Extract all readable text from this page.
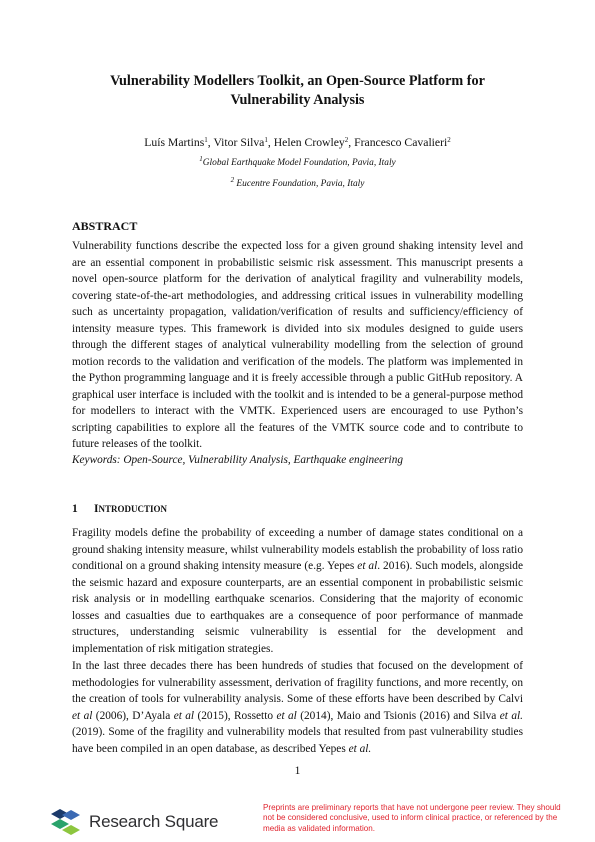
Vulnerability Modellers Toolkit, an Open-Source Platform for
Vulnerability Analysis
Luís Martins$^1$, Vitor Silva$^1$, Helen Crowley$^2$, Francesco Cavalieri$^2$
$^1$Global Earthquake Model Foundation, Pavia, Italy
$^2$ Eucentre Foundation, Pavia, Italy
ABSTRACT

Vulnerability functions describe the expected loss for a given ground shaking intensity level and are an essential component in probabilistic seismic risk assessment. This manuscript presents a novel open-source platform for the derivation of analytical fragility and vulnerability models, covering state-of-the-art methodologies, and addressing critical issues in vulnerability modelling such as uncertainty propagation, validation/verification of results and sufficiency/efficiency of intensity measure types. This framework is divided into six modules designed to guide users through the different stages of analytical vulnerability modelling from the selection of ground motion records to the validation and verification of the models. The platform was implemented in the Python programming language and it is freely accessible through a public GitHub repository. A graphical user interface is included with the toolkit and is intended to be a general-purpose method for modellers to interact with the VMTK. Experienced users are encouraged to use Python’s scripting capabilities to explore all the features of the VMTK source code and to contribute to future releases of the toolkit.

Keywords: Open-Source, Vulnerability Analysis, Earthquake engineering
1 INTRODUCTION

Fragility models define the probability of exceeding a number of damage states conditional on a ground shaking intensity measure, whilst vulnerability models establish the probability of loss ratio conditional on a ground shaking intensity measure (e.g. Yepes et al. 2016). Such models, alongside the seismic hazard and exposure counterparts, are an essential component in probabilistic seismic risk analysis or in modelling earthquake scenarios. Considering that the majority of economic losses and casualties due to earthquakes are a consequence of poor performance of manmade structures, understanding seismic vulnerability is essential for the development and implementation of risk mitigation strategies.

In the last three decades there has been hundreds of studies that focused on the development of methodologies for vulnerability assessment, derivation of fragility functions, and more recently, on the creation of tools for vulnerability analysis. Some of these efforts have been described by Calvi et al (2006), D’Ayala et al (2015), Rossetto et al (2014), Maio and Tsionis (2016) and Silva et al. (2019). Some of the fragility and vulnerability models that resulted from past vulnerability studies have been compiled in an open database, as described Yepes et al.

1
Research Square
Preprints are preliminary reports that have not undergone peer review. They should not be considered conclusive, used to inform clinical practice, or referenced by the media as validated information.
